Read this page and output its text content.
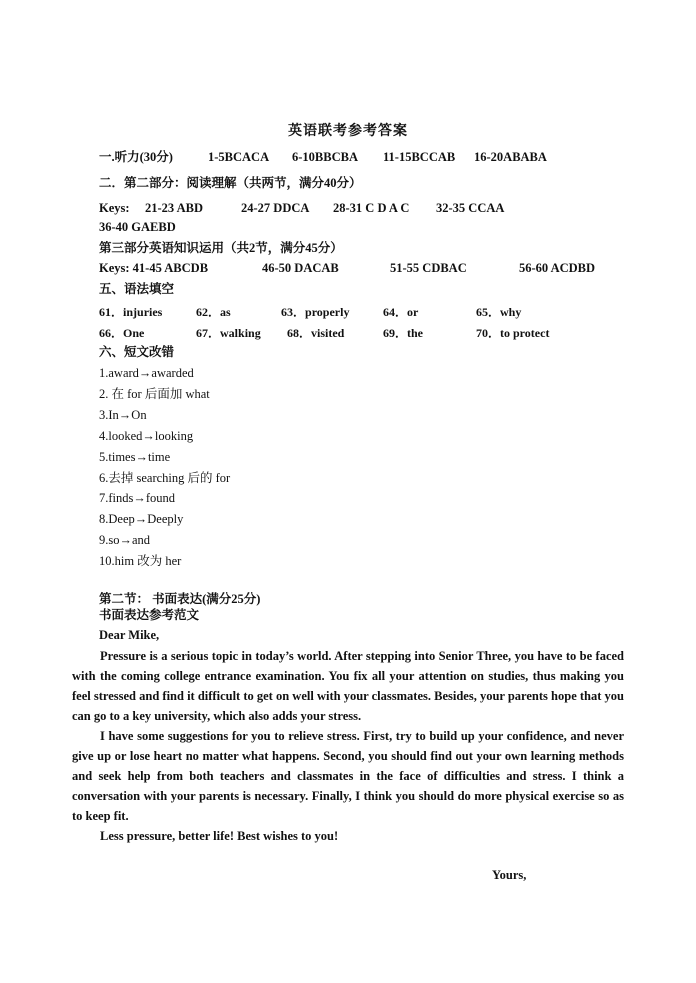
英语联考参考答案
一.听力(30分)	1-5BCACA 6-10BBCBA 11-15BCCAB 16-20ABABA
二．第二部分：阅读理解（共两节，满分40分）
Keys: 21-23 ABD	24-27 DDCA 28-31 C D A C 32-35 CCAA
36-40 GAEBD
第三部分英语知识运用（共2节，满分45分）
Keys: 41-45 ABCDB	46-50 DACAB	51-55 CDBAC	56-60 ACDBD
五、语法填空
61．injuries	62．as	63．properly	64．or	65．why
66．One	67．walking 68．visited	69．the	70．to protect
六、短文改错
1.award→awarded
2. 在 for 后面加 what
3.In→On
4.looked→looking
5.times→time
6.去掉 searching 后的 for
7.finds→found
8.Deep→Deeply
9.so→and
10.him 改为 her
第二节： 书面表达(满分25分)
书面表达参考范文
Dear Mike,

Pressure is a serious topic in today’s world. After stepping into Senior Three, you have to be faced with the coming college entrance examination. You fix all your attention on studies, thus making you feel stressed and find it difficult to get on well with your classmates. Besides, your parents hope that you can go to a key university, which also adds your stress.

I have some suggestions for you to relieve stress. First, try to build up your confidence, and never give up or lose heart no matter what happens. Second, you should find out your own learning methods and seek help from both teachers and classmates in the face of difficulties and stress. I think a conversation with your parents is necessary. Finally, I think you should do more physical exercise so as to keep fit.

Less pressure, better life! Best wishes to you!

Yours,
